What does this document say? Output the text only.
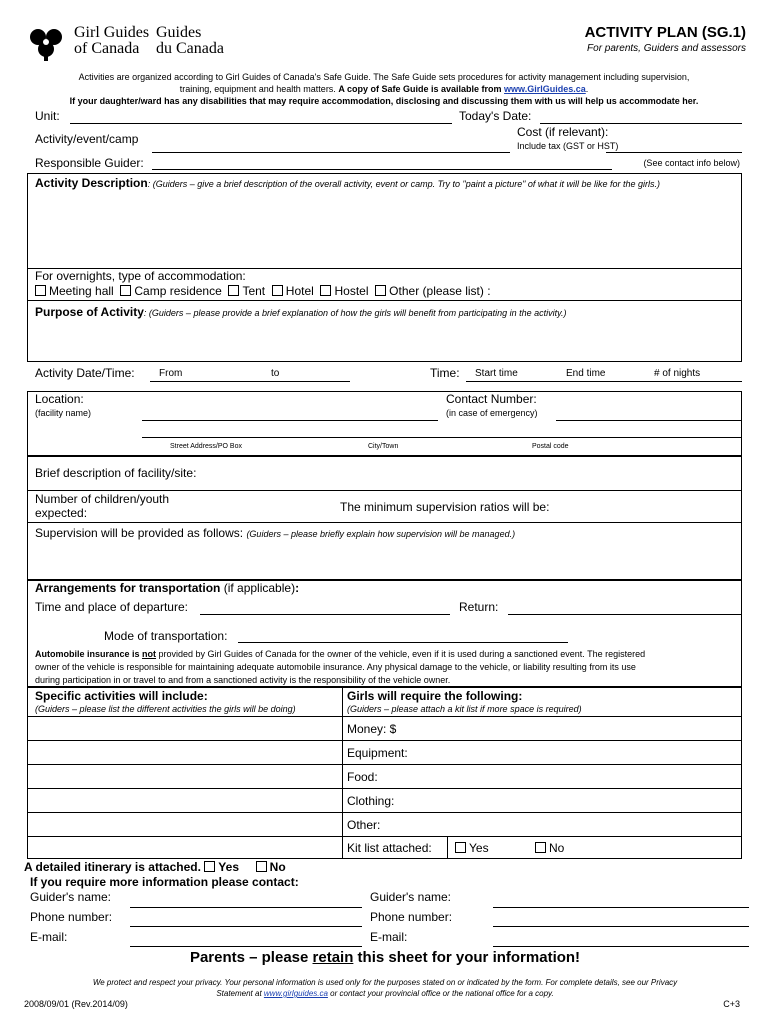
Girl Guides
of Canada
Guides
du Canada
ACTIVITY PLAN (SG.1)
For parents, Guiders and assessors
Activities are organized according to Girl Guides of Canada's Safe Guide. The Safe Guide sets procedures for activity management including supervision,
training, equipment and health matters. A copy of Safe Guide is available from www.GirlGuides.ca.
If your daughter/ward has any disabilities that may require accommodation, disclosing and discussing them with us will help us accommodate her.
Unit:	Today's Date:
Activity/event/camp	Cost (if relevant):
Include tax (GST or HST)
Responsible Guider:	(See contact info below)
Activity Description: (Guiders – give a brief description of the overall activity, event or camp. Try to "paint a picture" of what it will be like for the girls.)
For overnights, type of accommodation:
Meeting hall Camp residence Tent Hotel Hostel Other (please list) :
Purpose of Activity: (Guiders – please provide a brief explanation of how the girls will benefit from participating in the activity.)
Activity Date/Time: From	to	Time: Start time	End time	# of nights
Location:
(facility name)
Contact Number:
(in case of emergency)
Street Address/PO Box	City/Town	Postal code
Brief description of facility/site:
Number of children/youth
expected:	The minimum supervision ratios will be:
Supervision will be provided as follows: (Guiders – please briefly explain how supervision will be managed.)
Arrangements for transportation (if applicable):
Time and place of departure:	Return:
Mode of transportation:
Automobile insurance is not provided by Girl Guides of Canada for the owner of the vehicle, even if it is used during a sanctioned event. The registered
owner of the vehicle is responsible for maintaining adequate automobile insurance. Any physical damage to the vehicle, or liability resulting from its use
during participation in or travel to and from a sanctioned activity is the responsibility of the vehicle owner.
Specific activities will include:
(Guiders – please list the different activities the girls will be doing)
Girls will require the following:
(Guiders – please attach a kit list if more space is required)
Money: $
Equipment:
Food:
Clothing:
Other:
Kit list attached:	Yes	No
A detailed itinerary is attached. Yes	No
If you require more information please contact:
Guider's name:
Phone number:
E-mail:
Guider's name:
Phone number:
E-mail:
Parents – please retain this sheet for your information!
We protect and respect your privacy. Your personal information is used only for the purposes stated on or indicated by the form. For complete details, see our Privacy
Statement at www.girlguides.ca or contact your provincial office or the national office for a copy.
2008/09/01 (Rev.2014/09)	C+3
